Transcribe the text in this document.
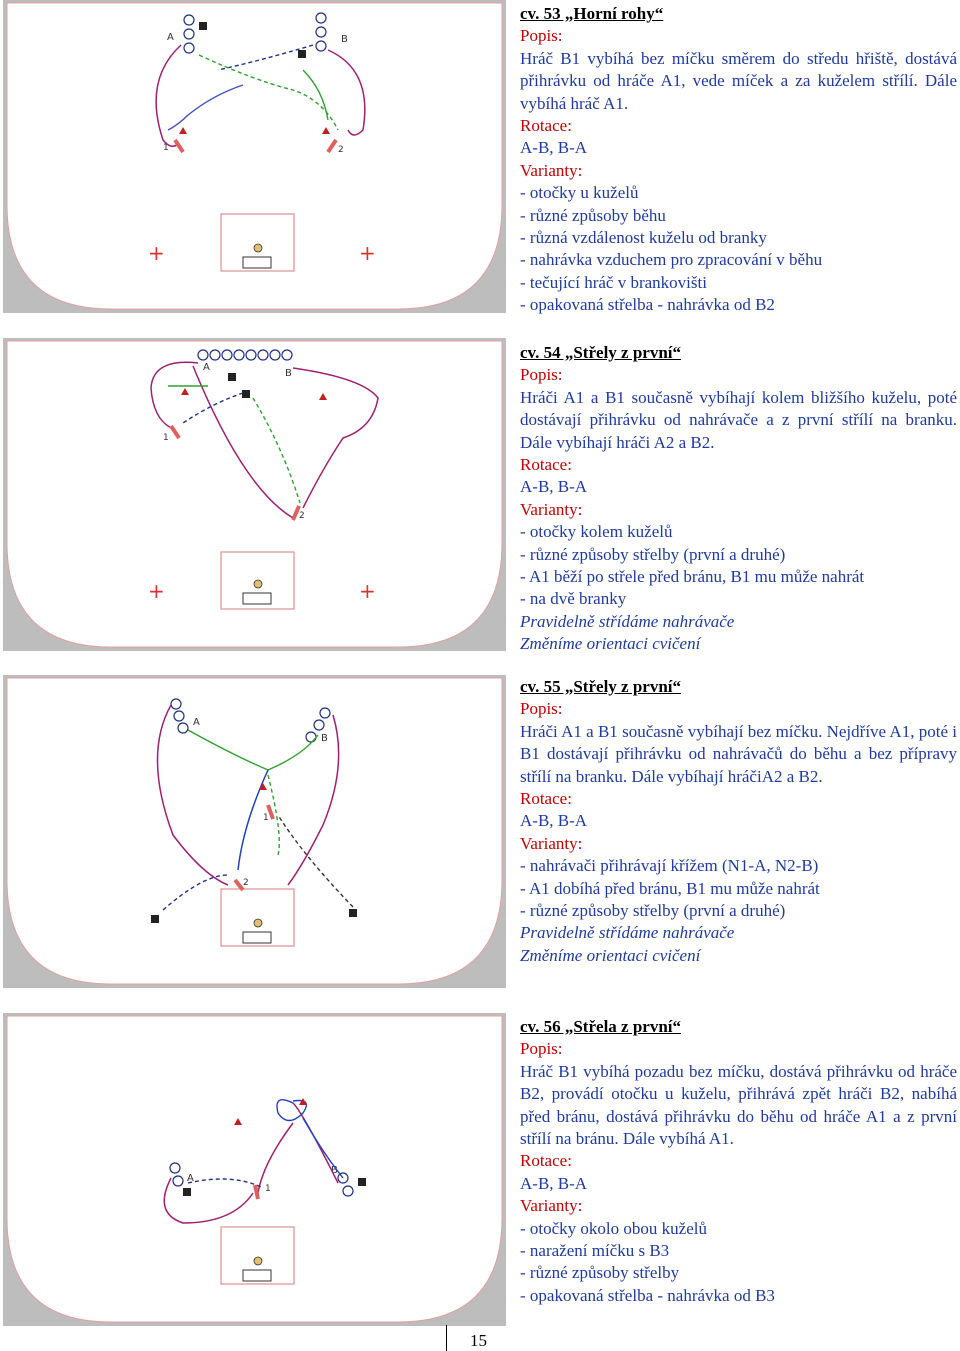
+	+
A	B
1	2
+	+
A
B
1
2
A
B
1
2
A
B
1
cv. 53 „Horní rohy“
Popis:
Hráč B1 vybíhá bez míčku směrem do středu hřiště, dostává přihrávku od hráče A1, vede míček a za kuželem střílí. Dále vybíhá hráč A1.
Rotace:
A-B, B-A
Varianty:
- otočky u kuželů
- různé způsoby běhu
- různá vzdálenost kuželu od branky
- nahrávka vzduchem pro zpracování v běhu
- tečující hráč v brankovišti
- opakovaná střelba - nahrávka od B2
cv. 54 „Střely z první“
Popis:
Hráči A1 a B1 současně vybíhají kolem bližšího kuželu, poté dostávají přihrávku od nahrávače a z první střílí na branku. Dále vybíhají hráči A2 a B2.
Rotace:
A-B, B-A
Varianty:
- otočky kolem kuželů
- různé způsoby střelby (první a druhé)
- A1 běží po střele před bránu, B1 mu může nahrát
- na dvě branky
Pravidelně střídáme nahrávače
Změníme orientaci cvičení
cv. 55 „Střely z první“
Popis:
Hráči A1 a B1 současně vybíhají bez míčku. Nejdříve A1, poté i B1 dostávají přihrávku od nahrávačů do běhu a bez přípravy střílí na branku. Dále vybíhají hráčiA2 a B2.
Rotace:
A-B, B-A
Varianty:
- nahrávači přihrávají křížem (N1-A, N2-B)
- A1 dobíhá před bránu, B1 mu může nahrát
- různé způsoby střelby (první a druhé)
Pravidelně střídáme nahrávače
Změníme orientaci cvičení
cv. 56 „Střela z první“
Popis:
Hráč B1 vybíhá pozadu bez míčku, dostává přihrávku od hráče B2, provádí otočku u kuželu, přihrává zpět hráči B2, nabíhá před bránu, dostává přihrávku do běhu od hráče A1 a z první střílí na bránu. Dále vybíhá A1.
Rotace:
A-B, B-A
Varianty:
- otočky okolo obou kuželů
- naražení míčku s B3
- různé způsoby střelby
- opakovaná střelba - nahrávka od B3
15
